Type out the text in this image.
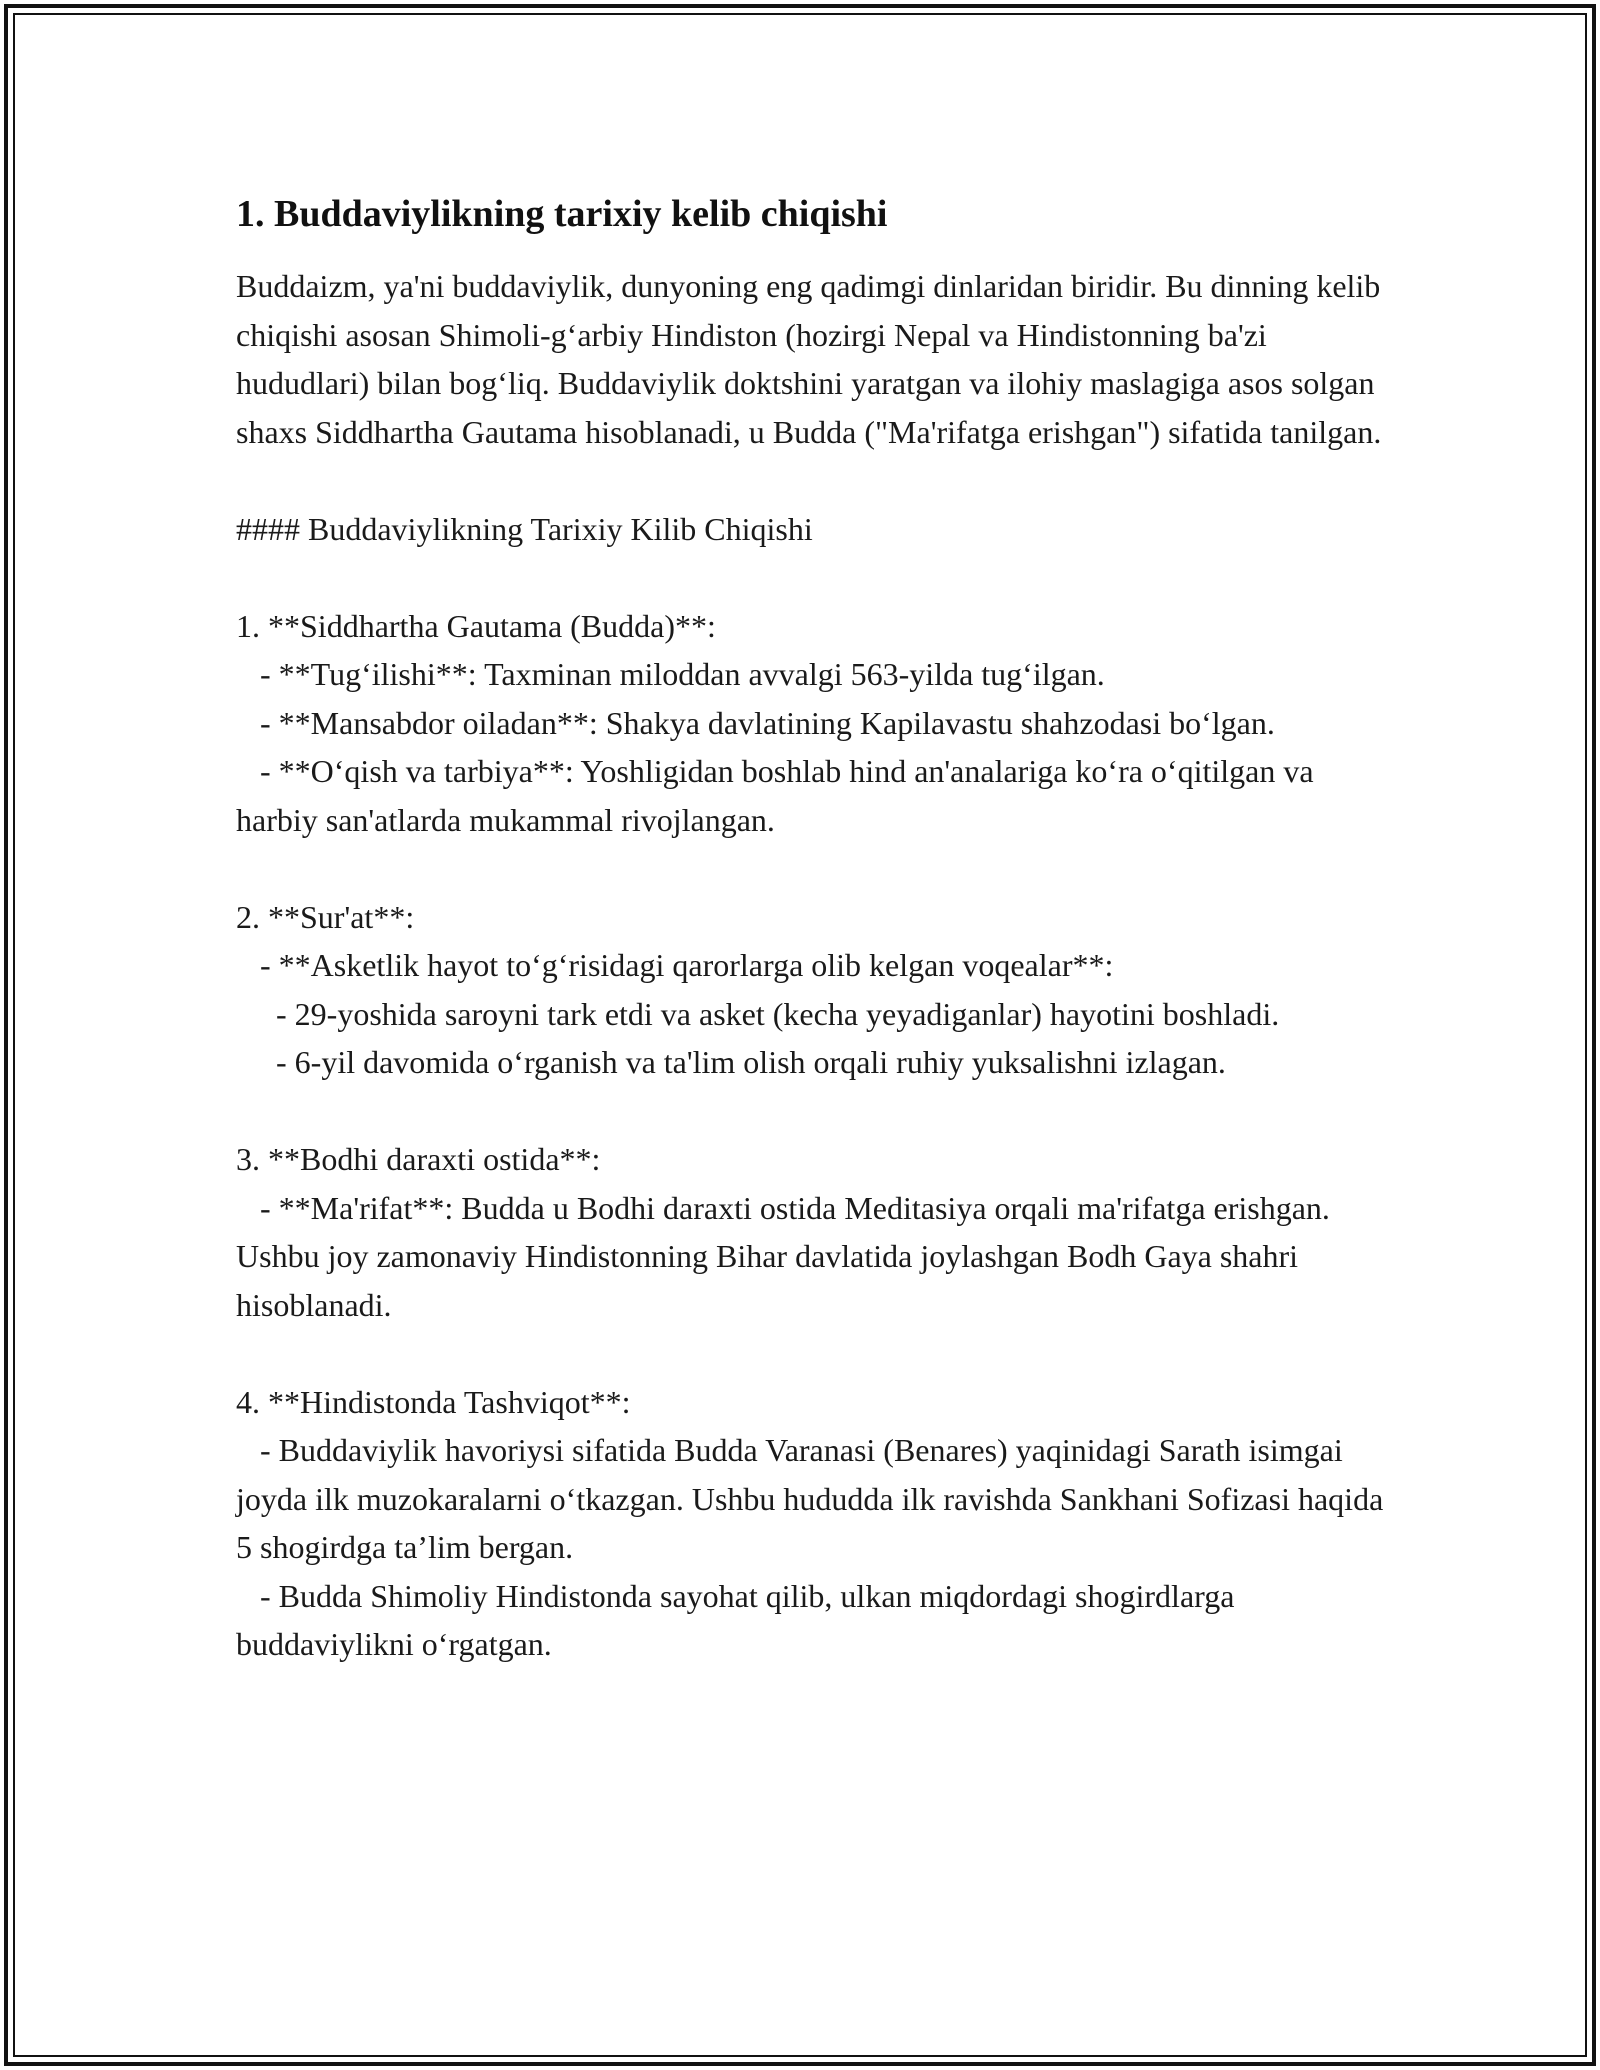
1. Buddaviylikning tarixiy kelib chiqishi

Buddaizm, ya'ni buddaviylik, dunyoning eng qadimgi dinlaridan biridir. Bu dinning kelib chiqishi asosan Shimoli-g‘arbiy Hindiston (hozirgi Nepal va Hindistonning ba'zi hududlari) bilan bog‘liq. Buddaviylik doktshini yaratgan va ilohiy maslagiga asos solgan shaxs Siddhartha Gautama hisoblanadi, u Budda ("Ma'rifatga erishgan") sifatida tanilgan.

#### Buddaviylikning Tarixiy Kilib Chiqishi

1. **Siddhartha Gautama (Budda)**:

- **Tug‘ilishi**: Taxminan miloddan avvalgi 563-yilda tug‘ilgan.

- **Mansabdor oiladan**: Shakya davlatining Kapilavastu shahzodasi bo‘lgan.

- **O‘qish va tarbiya**: Yoshligidan boshlab hind an'analariga ko‘ra o‘qitilgan va harbiy san'atlarda mukammal rivojlangan.

2. **Sur'at**:

- **Asketlik hayot to‘g‘risidagi qarorlarga olib kelgan voqealar**:

- 29-yoshida saroyni tark etdi va asket (kecha yeyadiganlar) hayotini boshladi.

- 6-yil davomida o‘rganish va ta'lim olish orqali ruhiy yuksalishni izlagan.

3. **Bodhi daraxti ostida**:

- **Ma'rifat**: Budda u Bodhi daraxti ostida Meditasiya orqali ma'rifatga erishgan. Ushbu joy zamonaviy Hindistonning Bihar davlatida joylashgan Bodh Gaya shahri hisoblanadi.

4. **Hindistonda Tashviqot**:

- Buddaviylik havoriysi sifatida Budda Varanasi (Benares) yaqinidagi Sarath isimgai joyda ilk muzokaralarni o‘tkazgan. Ushbu hududda ilk ravishda Sankhani Sofizasi haqida 5 shogirdga ta’lim bergan.

- Budda Shimoliy Hindistonda sayohat qilib, ulkan miqdordagi shogirdlarga buddaviylikni o‘rgatgan.
